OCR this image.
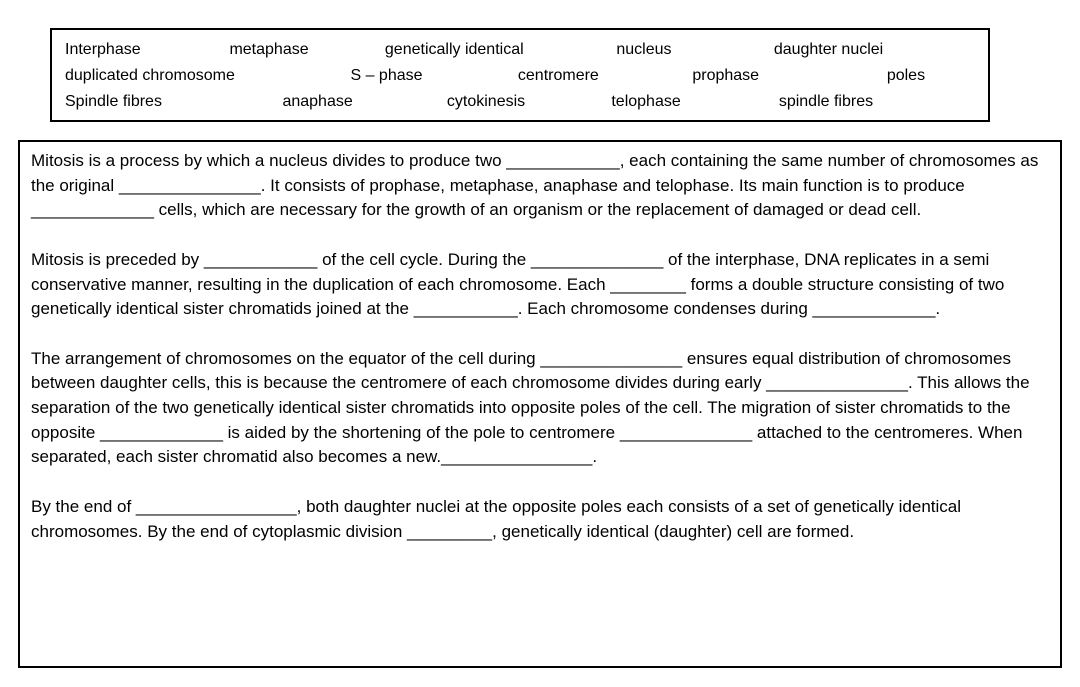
Interphase	metaphase	genetically identical	nucleus	daughter nuclei
duplicated chromosome	S – phase	centromere	prophase	poles
Spindle fibres	anaphase	cytokinesis	telophase	spindle fibres

Mitosis is a process by which a nucleus divides to produce two ____________, each containing the same number of chromosomes as the original _______________. It consists of prophase, metaphase, anaphase and telophase. Its main function is to produce _____________ cells, which are necessary for the growth of an organism or the replacement of damaged or dead cell.

Mitosis is preceded by ____________ of the cell cycle. During the ______________ of the interphase, DNA replicates in a semi conservative manner, resulting in the duplication of each chromosome. Each ________ forms a double structure consisting of two genetically identical sister chromatids joined at the ___________. Each chromosome condenses during _____________.

The arrangement of chromosomes on the equator of the cell during _______________ ensures equal distribution of chromosomes between daughter cells, this is because the centromere of each chromosome divides during early _______________. This allows the separation of the two genetically identical sister chromatids into opposite poles of the cell. The migration of sister chromatids to the opposite _____________ is aided by the shortening of the pole to centromere ______________ attached to the centromeres. When separated, each sister chromatid also becomes a new.________________.

By the end of _________________, both daughter nuclei at the opposite poles each consists of a set of genetically identical chromosomes. By the end of cytoplasmic division _________, genetically identical (daughter) cell are formed.
